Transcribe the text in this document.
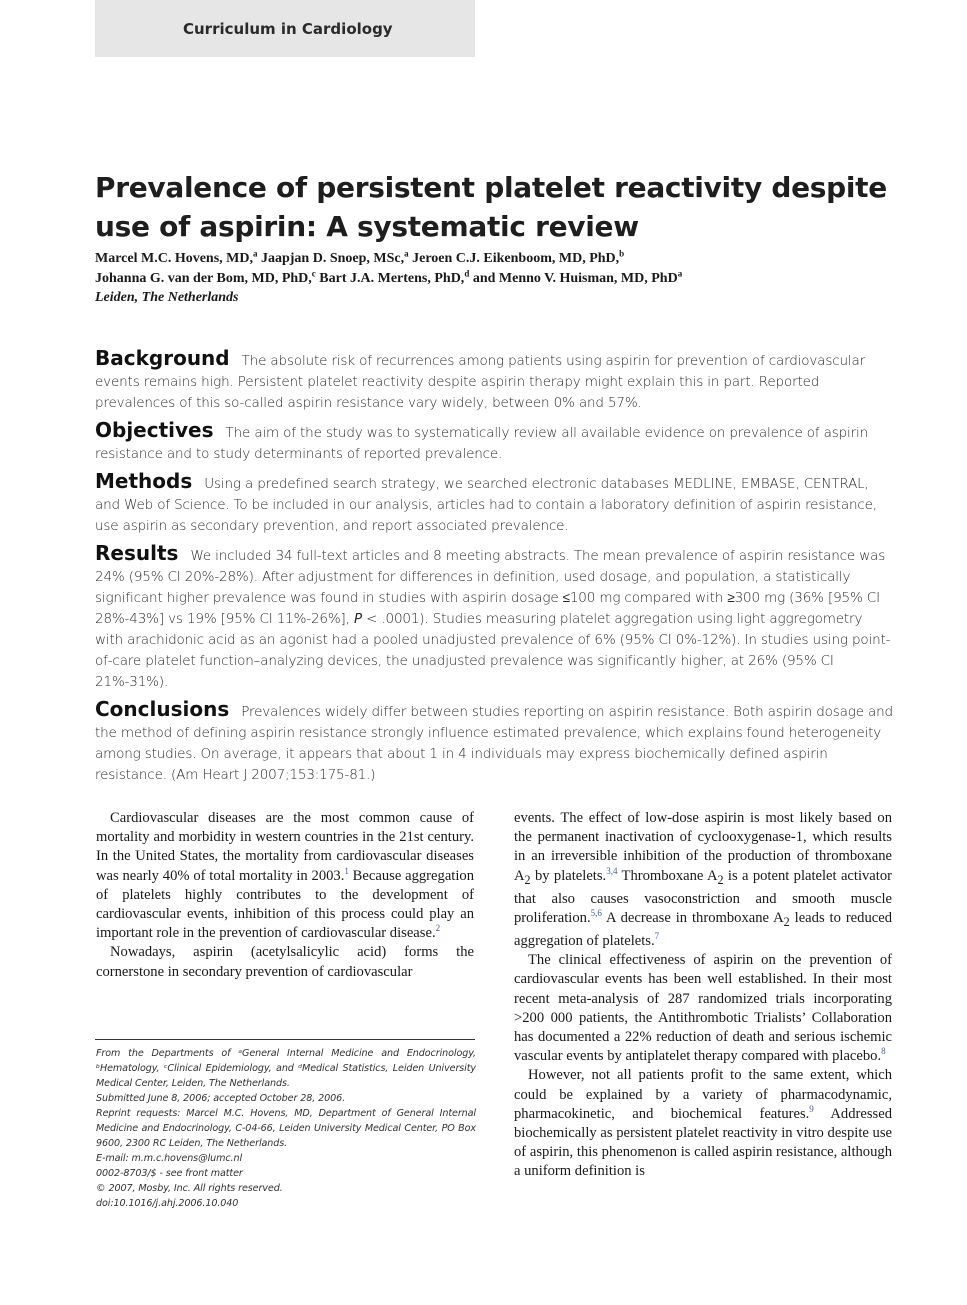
Curriculum in Cardiology
Prevalence of persistent platelet reactivity despite use of aspirin: A systematic review
Marcel M.C. Hovens, MD,$^a$ Jaapjan D. Snoep, MSc,$^a$ Jeroen C.J. Eikenboom, MD, PhD,$^b$
Johanna G. van der Bom, MD, PhD,$^c$ Bart J.A. Mertens, PhD,$^d$ and Menno V. Huisman, MD, PhD$^a$
Leiden, The Netherlands

Background The absolute risk of recurrences among patients using aspirin for prevention of cardiovascular events remains high. Persistent platelet reactivity despite aspirin therapy might explain this in part. Reported prevalences of this so-called aspirin resistance vary widely, between 0% and 57%.

Objectives The aim of the study was to systematically review all available evidence on prevalence of aspirin resistance and to study determinants of reported prevalence.

Methods Using a predefined search strategy, we searched electronic databases MEDLINE, EMBASE, CENTRAL, and Web of Science. To be included in our analysis, articles had to contain a laboratory definition of aspirin resistance, use aspirin as secondary prevention, and report associated prevalence.

Results We included 34 full-text articles and 8 meeting abstracts. The mean prevalence of aspirin resistance was 24% (95% CI 20%-28%). After adjustment for differences in definition, used dosage, and population, a statistically significant higher prevalence was found in studies with aspirin dosage ≤100 mg compared with ≥300 mg (36% [95% CI 28%-43%] vs 19% [95% CI 11%-26%], P < .0001). Studies measuring platelet aggregation using light aggregometry with arachidonic acid as an agonist had a pooled unadjusted prevalence of 6% (95% CI 0%-12%). In studies using point-of-care platelet function–analyzing devices, the unadjusted prevalence was significantly higher, at 26% (95% CI 21%-31%).

Conclusions Prevalences widely differ between studies reporting on aspirin resistance. Both aspirin dosage and the method of defining aspirin resistance strongly influence estimated prevalence, which explains found heterogeneity among studies. On average, it appears that about 1 in 4 individuals may express biochemically defined aspirin resistance. (Am Heart J 2007;153:175-81.)

Cardiovascular diseases are the most common cause of mortality and morbidity in western countries in the 21st century. In the United States, the mortality from cardiovascular diseases was nearly 40% of total mortality in 2003.$^1$ Because aggregation of platelets highly contributes to the development of cardiovascular events, inhibition of this process could play an important role in the prevention of cardiovascular disease.$^2$

Nowadays, aspirin (acetylsalicylic acid) forms the cornerstone in secondary prevention of cardiovascular

events. The effect of low-dose aspirin is most likely based on the permanent inactivation of cyclooxygenase-1, which results in an irreversible inhibition of the production of thromboxane $A_2$ by platelets.$^{3,4}$ Thromboxane $A_2$ is a potent platelet activator that also causes vasoconstriction and smooth muscle proliferation.$^{5,6}$ A decrease in thromboxane $A_2$ leads to reduced aggregation of platelets.$^7$

The clinical effectiveness of aspirin on the prevention of cardiovascular events has been well established. In their most recent meta-analysis of 287 randomized trials incorporating >200 000 patients, the Antithrombotic Trialists’ Collaboration has documented a 22% reduction of death and serious ischemic vascular events by antiplatelet therapy compared with placebo.$^8$

However, not all patients profit to the same extent, which could be explained by a variety of pharmacodynamic, pharmacokinetic, and biochemical features.$^9$ Addressed biochemically as persistent platelet reactivity in vitro despite use of aspirin, this phenomenon is called aspirin resistance, although a uniform definition is

From the Departments of ᵃGeneral Internal Medicine and Endocrinology, ᵇHematology, ᶜClinical Epidemiology, and ᵈMedical Statistics, Leiden University Medical Center, Leiden, The Netherlands.
Submitted June 8, 2006; accepted October 28, 2006.
Reprint requests: Marcel M.C. Hovens, MD, Department of General Internal Medicine and Endocrinology, C-04-66, Leiden University Medical Center, PO Box 9600, 2300 RC Leiden, The Netherlands.
E-mail: m.m.c.hovens@lumc.nl
0002-8703/$ - see front matter
© 2007, Mosby, Inc. All rights reserved.
doi:10.1016/j.ahj.2006.10.040
